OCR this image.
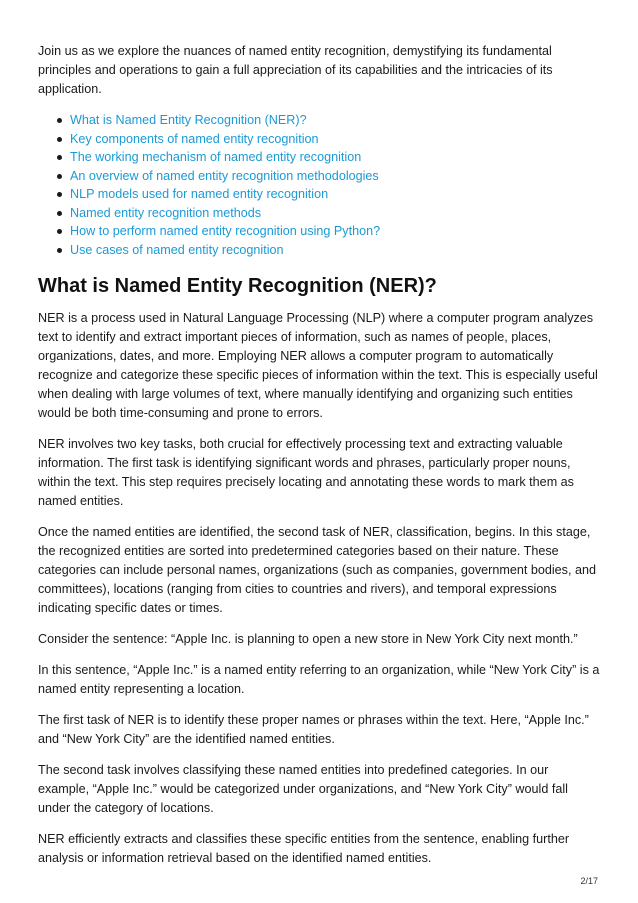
Join us as we explore the nuances of named entity recognition, demystifying its fundamental principles and operations to gain a full appreciation of its capabilities and the intricacies of its application.

What is Named Entity Recognition (NER)?
Key components of named entity recognition
The working mechanism of named entity recognition
An overview of named entity recognition methodologies
NLP models used for named entity recognition
Named entity recognition methods
How to perform named entity recognition using Python?
Use cases of named entity recognition
What is Named Entity Recognition (NER)?

NER is a process used in Natural Language Processing (NLP) where a computer program analyzes text to identify and extract important pieces of information, such as names of people, places, organizations, dates, and more. Employing NER allows a computer program to automatically recognize and categorize these specific pieces of information within the text. This is especially useful when dealing with large volumes of text, where manually identifying and organizing such entities would be both time-consuming and prone to errors.

NER involves two key tasks, both crucial for effectively processing text and extracting valuable information. The first task is identifying significant words and phrases, particularly proper nouns, within the text. This step requires precisely locating and annotating these words to mark them as named entities.

Once the named entities are identified, the second task of NER, classification, begins. In this stage, the recognized entities are sorted into predetermined categories based on their nature. These categories can include personal names, organizations (such as companies, government bodies, and committees), locations (ranging from cities to countries and rivers), and temporal expressions indicating specific dates or times.

Consider the sentence: “Apple Inc. is planning to open a new store in New York City next month.”

In this sentence, “Apple Inc.” is a named entity referring to an organization, while “New York City” is a named entity representing a location.

The first task of NER is to identify these proper names or phrases within the text. Here, “Apple Inc.” and “New York City” are the identified named entities.

The second task involves classifying these named entities into predefined categories. In our example, “Apple Inc.” would be categorized under organizations, and “New York City” would fall under the category of locations.

NER efficiently extracts and classifies these specific entities from the sentence, enabling further analysis or information retrieval based on the identified named entities.

2/17
